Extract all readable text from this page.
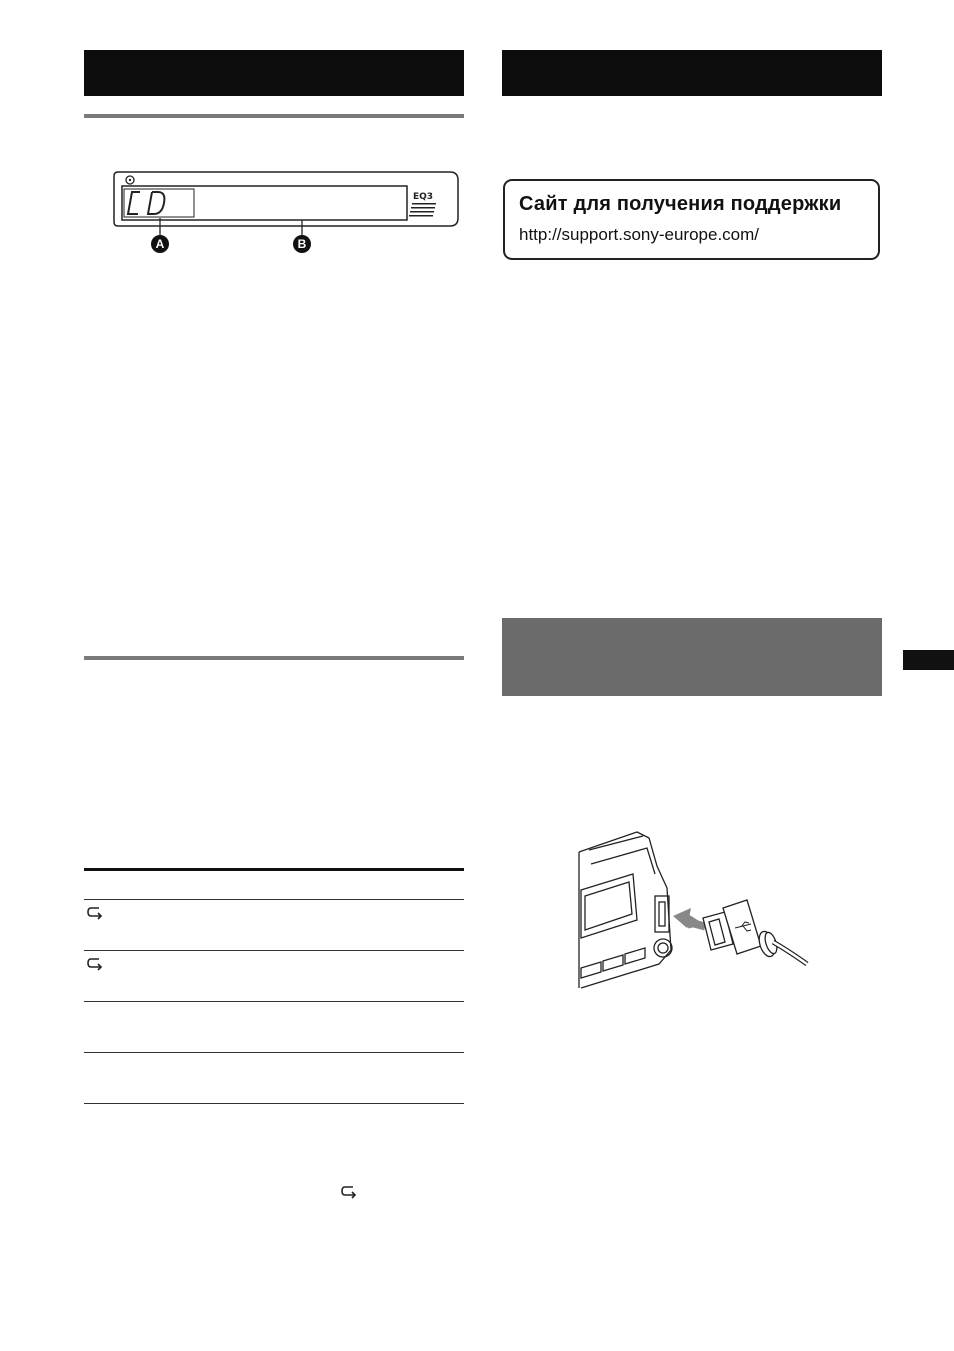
EQ3
A	B
Сайт для получения поддержки
http://support.sony-europe.com/
